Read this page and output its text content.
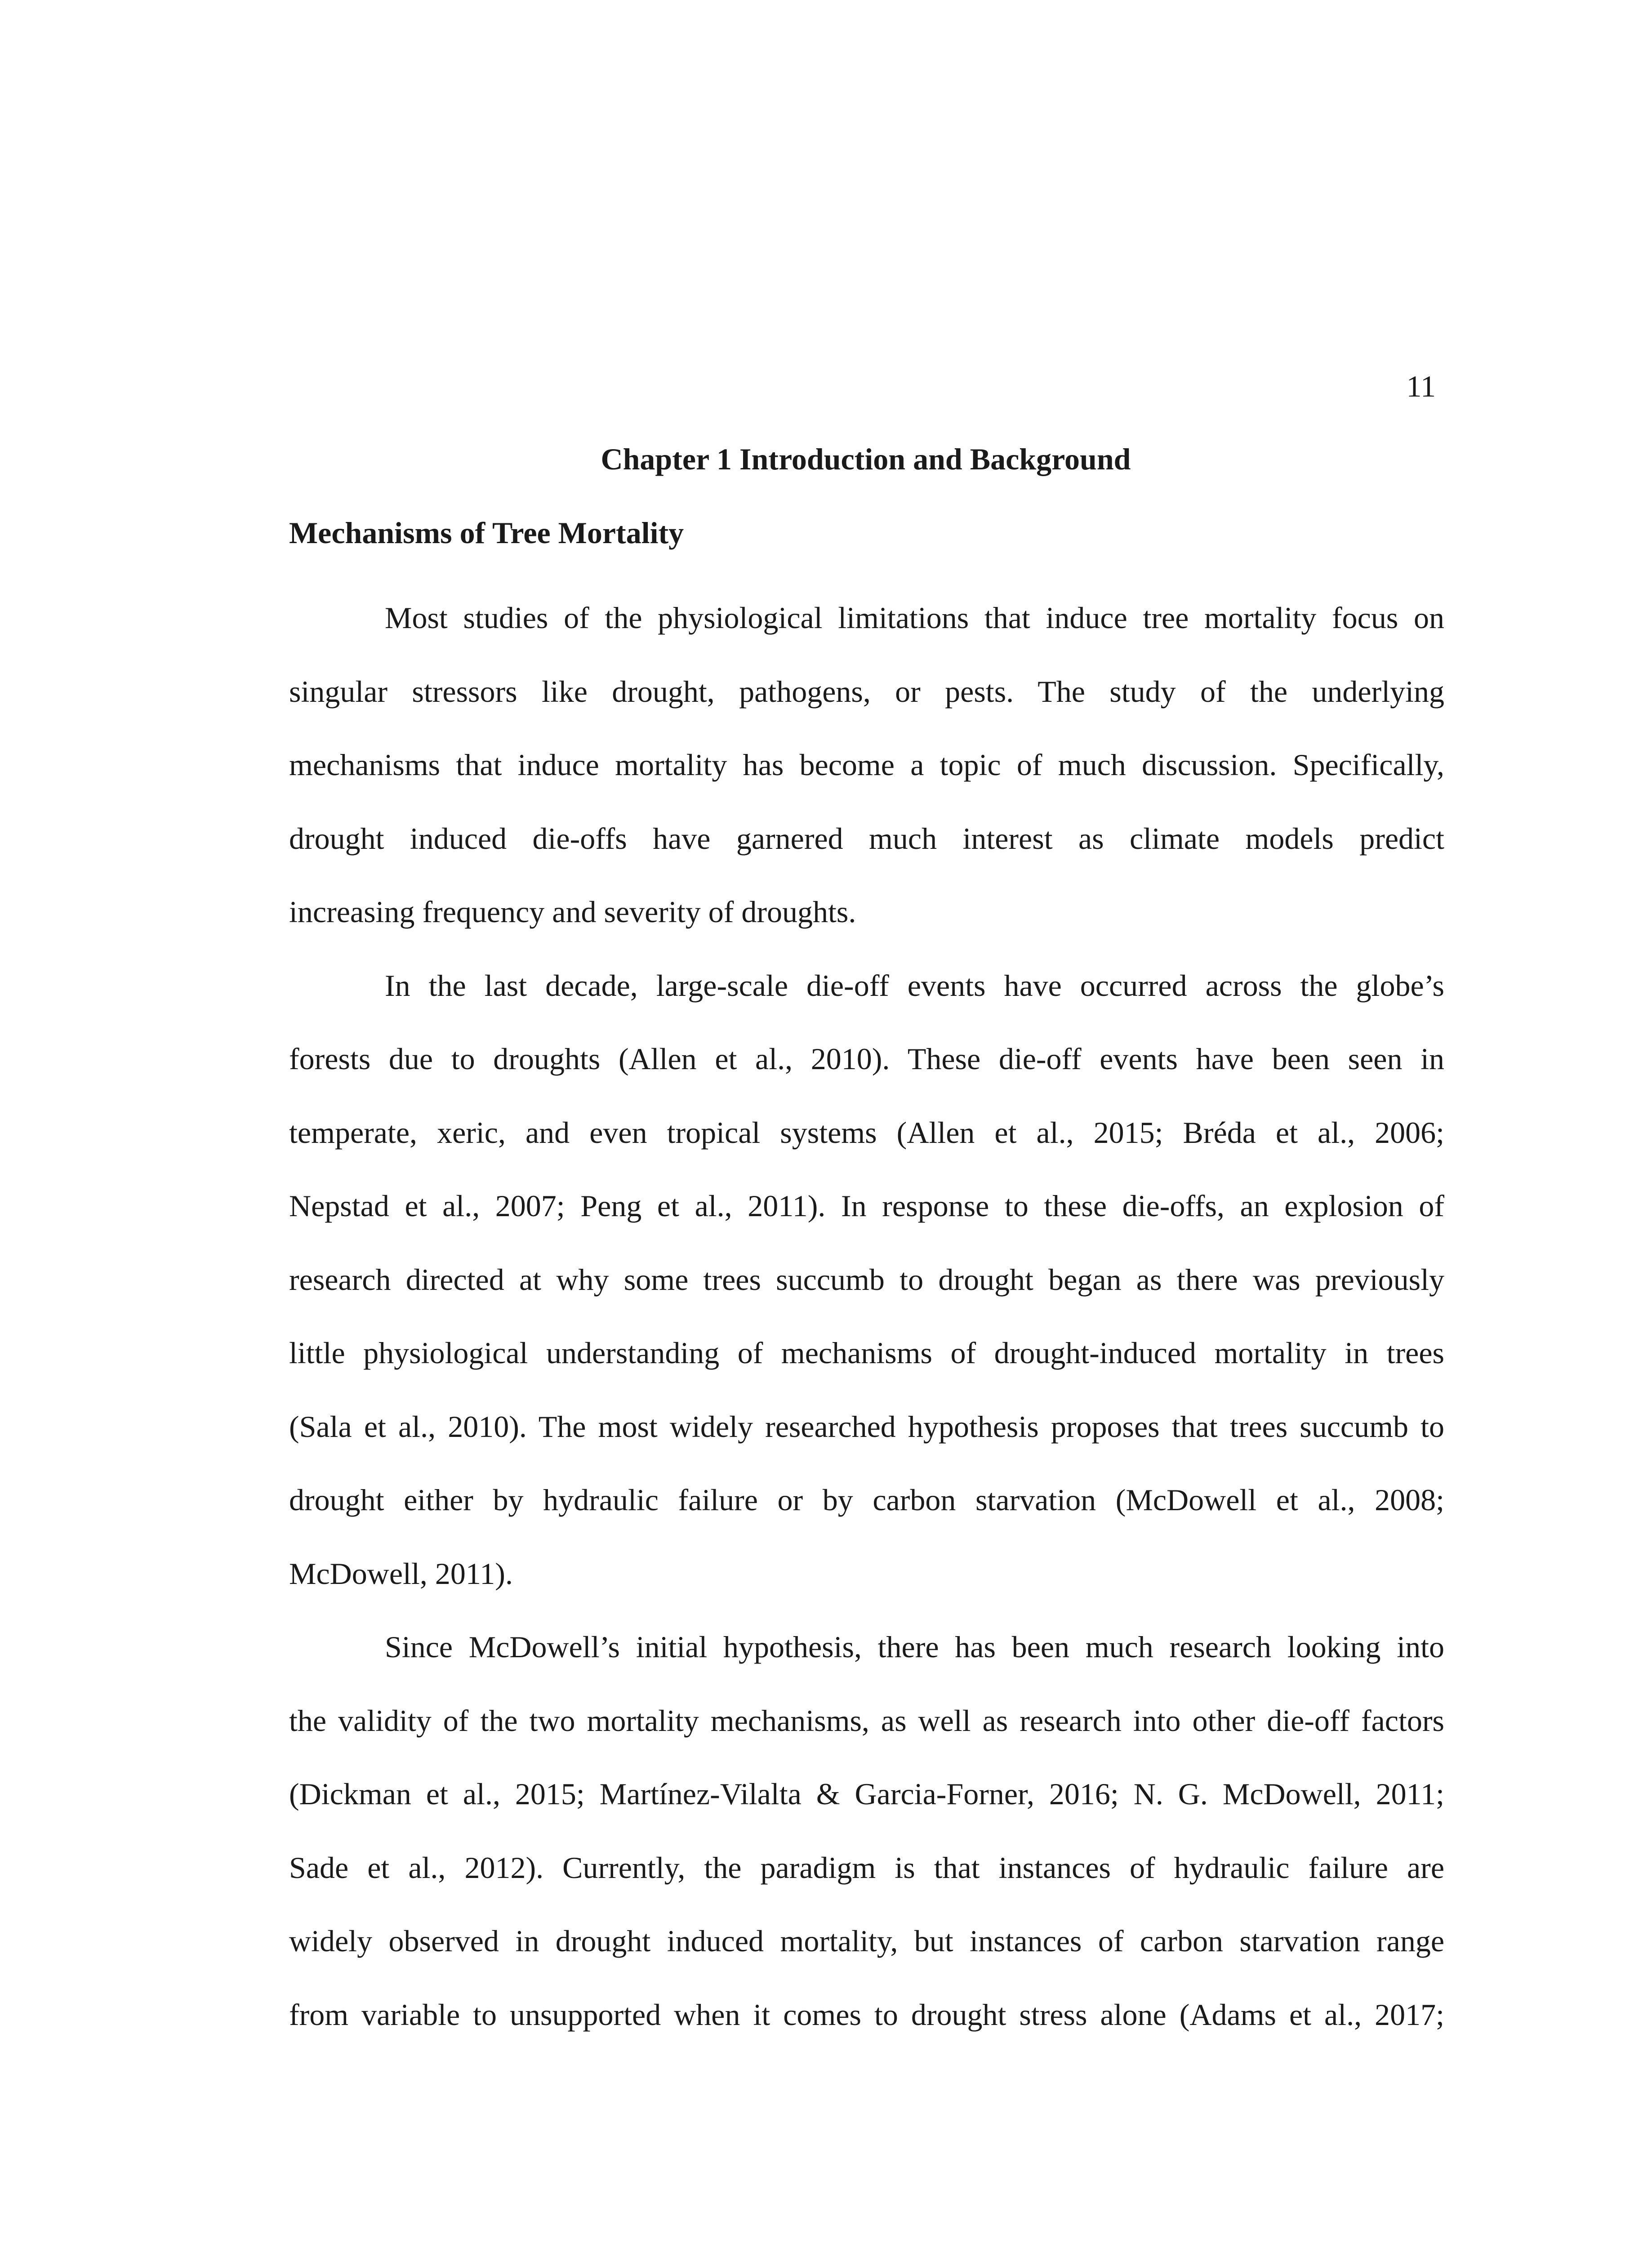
11
Chapter 1 Introduction and Background
Mechanisms of Tree Mortality
Most studies of the physiological limitations that induce tree mortality focus on
singular stressors like drought, pathogens, or pests. The study of the underlying
mechanisms that induce mortality has become a topic of much discussion. Specifically,
drought induced die-offs have garnered much interest as climate models predict
increasing frequency and severity of droughts.
In the last decade, large-scale die-off events have occurred across the globe’s
forests due to droughts (Allen et al., 2010). These die-off events have been seen in
temperate, xeric, and even tropical systems (Allen et al., 2015; Bréda et al., 2006;
Nepstad et al., 2007; Peng et al., 2011). In response to these die-offs, an explosion of
research directed at why some trees succumb to drought began as there was previously
little physiological understanding of mechanisms of drought-induced mortality in trees
(Sala et al., 2010). The most widely researched hypothesis proposes that trees succumb to
drought either by hydraulic failure or by carbon starvation (McDowell et al., 2008;
McDowell, 2011).
Since McDowell’s initial hypothesis, there has been much research looking into
the validity of the two mortality mechanisms, as well as research into other die-off factors
(Dickman et al., 2015; Martínez-Vilalta & Garcia-Forner, 2016; N. G. McDowell, 2011;
Sade et al., 2012). Currently, the paradigm is that instances of hydraulic failure are
widely observed in drought induced mortality, but instances of carbon starvation range
from variable to unsupported when it comes to drought stress alone (Adams et al., 2017;
